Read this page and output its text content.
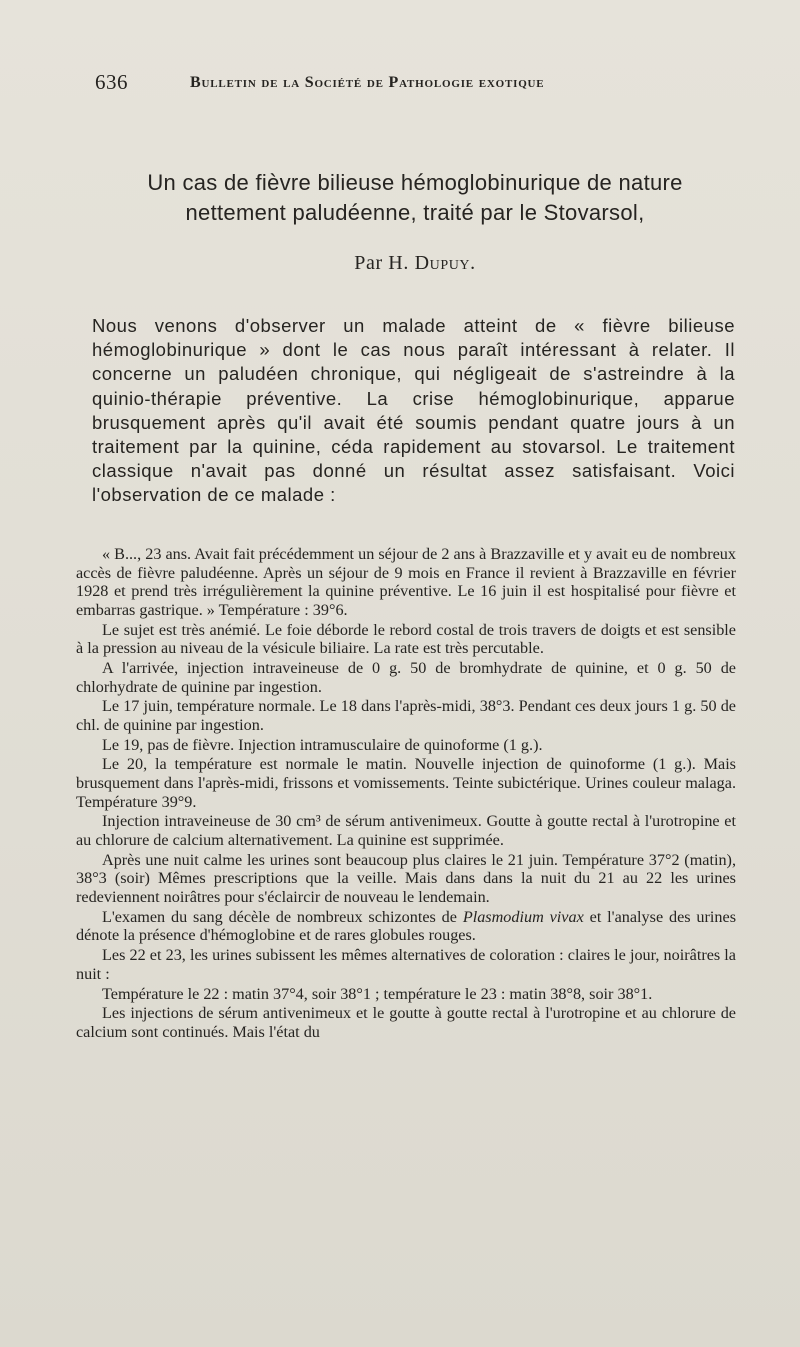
636	Bulletin de la Société de Pathologie exotique
Un cas de fièvre bilieuse hémoglobinurique de nature
nettement paludéenne, traité par le Stovarsol,
Par H. Dupuy.

Nous venons d'observer un malade atteint de « fièvre bilieuse hémoglobinurique » dont le cas nous paraît intéressant à relater. Il concerne un paludéen chronique, qui négligeait de s'astreindre à la quinio-thérapie préventive. La crise hémoglobinurique, apparue brusquement après qu'il avait été soumis pendant quatre jours à un traitement par la quinine, céda rapidement au stovarsol. Le traitement classique n'avait pas donné un résultat assez satisfaisant. Voici l'observation de ce malade :

« B..., 23 ans. Avait fait précédemment un séjour de 2 ans à Brazzaville et y avait eu de nombreux accès de fièvre paludéenne. Après un séjour de 9 mois en France il revient à Brazzaville en février 1928 et prend très irrégulièrement la quinine préventive. Le 16 juin il est hospitalisé pour fièvre et embarras gastrique. » Température : 39°6.

Le sujet est très anémié. Le foie déborde le rebord costal de trois travers de doigts et est sensible à la pression au niveau de la vésicule biliaire. La rate est très percutable.

A l'arrivée, injection intraveineuse de 0 g. 50 de bromhydrate de quinine, et 0 g. 50 de chlorhydrate de quinine par ingestion.

Le 17 juin, température normale. Le 18 dans l'après-midi, 38°3. Pendant ces deux jours 1 g. 50 de chl. de quinine par ingestion.

Le 19, pas de fièvre. Injection intramusculaire de quinoforme (1 g.).

Le 20, la température est normale le matin. Nouvelle injection de quinoforme (1 g.). Mais brusquement dans l'après-midi, frissons et vomissements. Teinte subictérique. Urines couleur malaga. Température 39°9.

Injection intraveineuse de 30 cm³ de sérum antivenimeux. Goutte à goutte rectal à l'urotropine et au chlorure de calcium alternativement. La quinine est supprimée.

Après une nuit calme les urines sont beaucoup plus claires le 21 juin. Température 37°2 (matin), 38°3 (soir) Mêmes prescriptions que la veille. Mais dans dans la nuit du 21 au 22 les urines redeviennent noirâtres pour s'éclaircir de nouveau le lendemain.

L'examen du sang décèle de nombreux schizontes de Plasmodium vivax et l'analyse des urines dénote la présence d'hémoglobine et de rares globules rouges.

Les 22 et 23, les urines subissent les mêmes alternatives de coloration : claires le jour, noirâtres la nuit :

Température le 22 : matin 37°4, soir 38°1 ; température le 23 : matin 38°8, soir 38°1.

Les injections de sérum antivenimeux et le goutte à goutte rectal à l'urotropine et au chlorure de calcium sont continués. Mais l'état du
